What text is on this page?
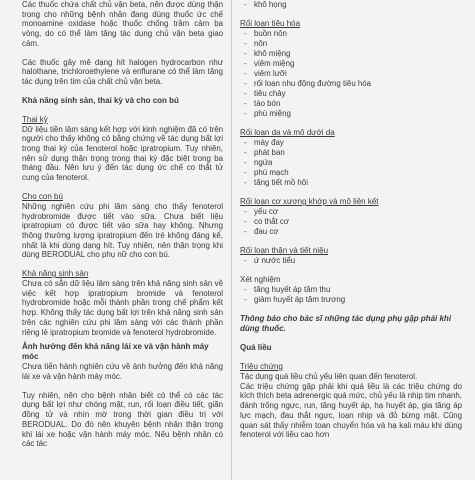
Các thuốc chứa chất chủ vận beta, nên được dùng thận trọng cho những bệnh nhân đang dùng thuốc ức chế monoamine oxidase hoặc thuốc chống trầm cảm ba vòng, do có thể làm tăng tác dụng chủ vận beta giao cảm.

Các thuốc gây mê dạng hít halogen hydrocarbon như halothane, trichloroethylene và enflurane có thể làm tăng tác dụng trên tim của chất chủ vận beta.

Khả năng sinh sản, thai kỳ và cho con bú
Thai kỳ

Dữ liệu tiền lâm sàng kết hợp với kinh nghiệm đã có trên người cho thấy không có bằng chứng về tác dụng bất lợi trong thai kỳ của fenoterol hoặc ipratropium. Tuy nhiên, nên sử dụng thận trọng trong thai kỳ đặc biệt trong ba tháng đầu. Nên lưu ý đến tác dụng ức chế co thắt tử cung của fenoterol.

Cho con bú

Những nghiên cứu phi lâm sàng cho thấy fenoterol hydrobromide được tiết vào sữa. Chưa biết liệu ipratropium có được tiết vào sữa hay không. Nhưng thông thường lượng ipratropium đến trẻ không đáng kể, nhất là khi dùng dạng hít. Tuy nhiên, nên thận trọng khi dùng BERODUAL cho phụ nữ cho con bú.

Khả năng sinh sản

Chưa có sẵn dữ liệu lâm sàng trên khả năng sinh sản về việc kết hợp ipratropium bromide và fenoterol hydrobromide hoặc mỗi thành phần trong chế phẩm kết hợp. Không thấy tác dụng bất lợi trên khả năng sinh sản trên các nghiên cứu phi lâm sàng với các thành phần riêng lẻ ipratropium bromide và fenoterol hydrobromide.

Ảnh hưởng đến khả năng lái xe và vận hành máy móc

Chưa tiến hành nghiên cứu về ảnh hưởng đến khả năng lái xe và vận hành máy móc.

Tuy nhiên, nên cho bệnh nhân biết có thể có các tác dụng bất lợi như chóng mặt, run, rối loạn điều tiết, giãn đồng tử và nhìn mờ trong thời gian điều trị với BERODUAL. Do đó nên khuyên bệnh nhân thận trọng khi lái xe hoặc vận hành máy móc. Nếu bệnh nhân có các tác

- khô họng
Rối loạn tiêu hóa
- buồn nôn
- nôn
- khô miệng
- viêm miệng
- viêm lưỡi
- rối loạn nhu động đường tiêu hóa
- tiêu chảy
- táo bón
- phù miệng
Rối loạn da và mô dưới da
- mày đay
- phát ban
- ngứa
- phù mạch
- tăng tiết mồ hôi
Rối loạn cơ xương khớp và mô liên kết
- yếu cơ
- co thắt cơ
- đau cơ
Rối loạn thận và tiết niệu
- ứ nước tiểu
Xét nghiệm
- tăng huyết áp tâm thu
- giảm huyết áp tâm trương
Thông báo cho bác sĩ những tác dụng phụ gặp phải khi dùng thuốc.
Quá liều
Triệu chứng

Tác dụng quá liều chủ yếu liên quan đến fenoterol.

Các triệu chứng gặp phải khi quá liều là các triệu chứng do kích thích beta adrenergic quá mức, chủ yếu là nhịp tim nhanh, đánh trống ngực, run, tăng huyết áp, hạ huyết áp, gia tăng áp lực mạch, đau thắt ngực, loạn nhịp và đỏ bừng mặt. Cũng quan sát thấy nhiễm toan chuyển hóa và hạ kali máu khi dùng fenoterol với liều cao hơn
